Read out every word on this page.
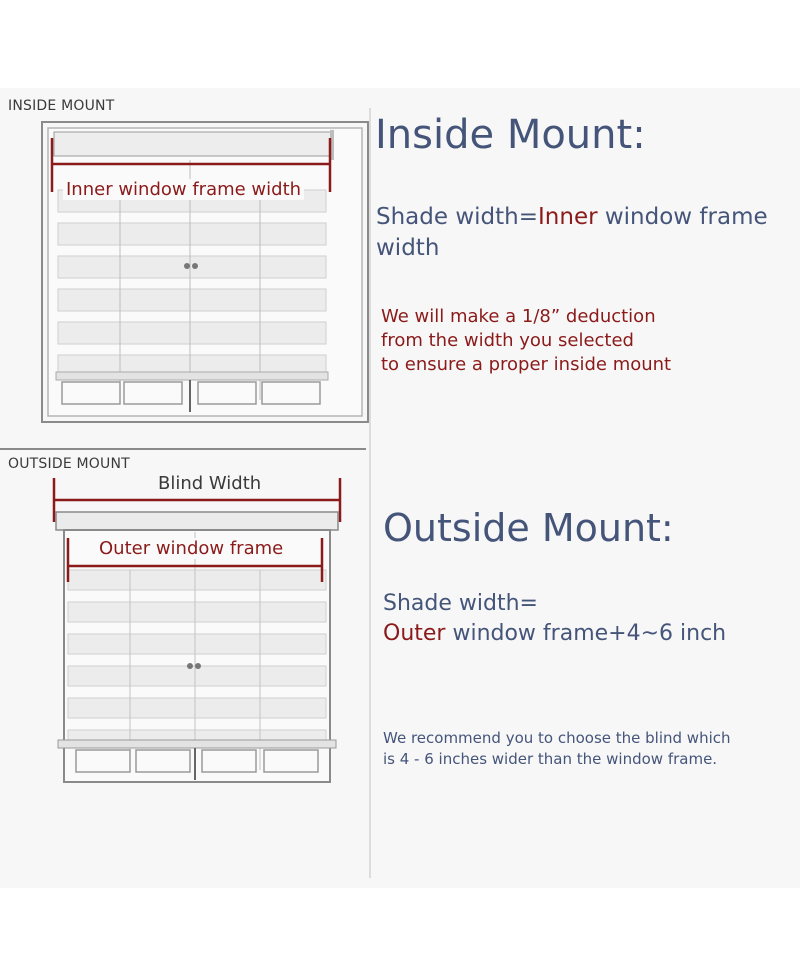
INSIDE MOUNT
Inner window frame width
OUTSIDE MOUNT
Blind Width
Outer window frame
Inside Mount:
Shade width=Inner window frame
width
We will make a 1/8” deduction
from the width you selected
to ensure a proper inside mount
Outside Mount:
Shade width=
Outer window frame+4~6 inch
We recommend you to choose the blind which
is 4 - 6 inches wider than the window frame.
